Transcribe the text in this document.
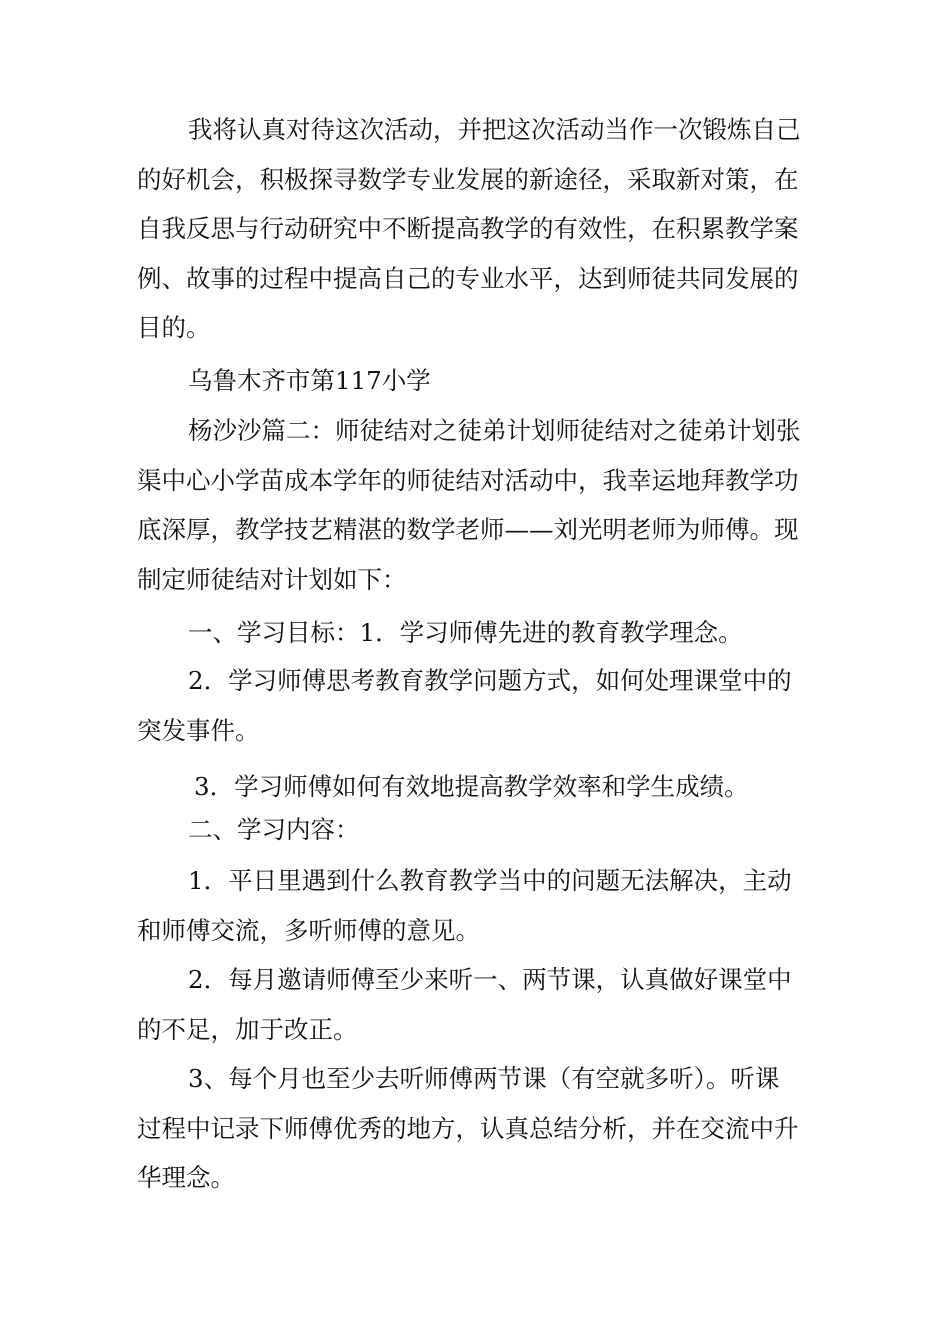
我将认真对待这次活动，并把这次活动当作一次锻炼自己
的好机会，积极探寻数学专业发展的新途径，采取新对策，在
自我反思与行动研究中不断提高教学的有效性，在积累教学案
例、故事的过程中提高自己的专业水平，达到师徒共同发展的
目的。
乌鲁木齐市第117小学
杨沙沙篇二：师徒结对之徒弟计划师徒结对之徒弟计划张
渠中心小学苗成本学年的师徒结对活动中，我幸运地拜教学功
底深厚，教学技艺精湛的数学老师——刘光明老师为师傅。现
制定师徒结对计划如下：
一、学习目标：1．学习师傅先进的教育教学理念。
2．学习师傅思考教育教学问题方式，如何处理课堂中的
突发事件。
3．学习师傅如何有效地提高教学效率和学生成绩。
二、学习内容：
1．平日里遇到什么教育教学当中的问题无法解决，主动
和师傅交流，多听师傅的意见。
2．每月邀请师傅至少来听一、两节课，认真做好课堂中
的不足，加于改正。
3、每个月也至少去听师傅两节课（有空就多听）。听课
过程中记录下师傅优秀的地方，认真总结分析，并在交流中升
华理念。
